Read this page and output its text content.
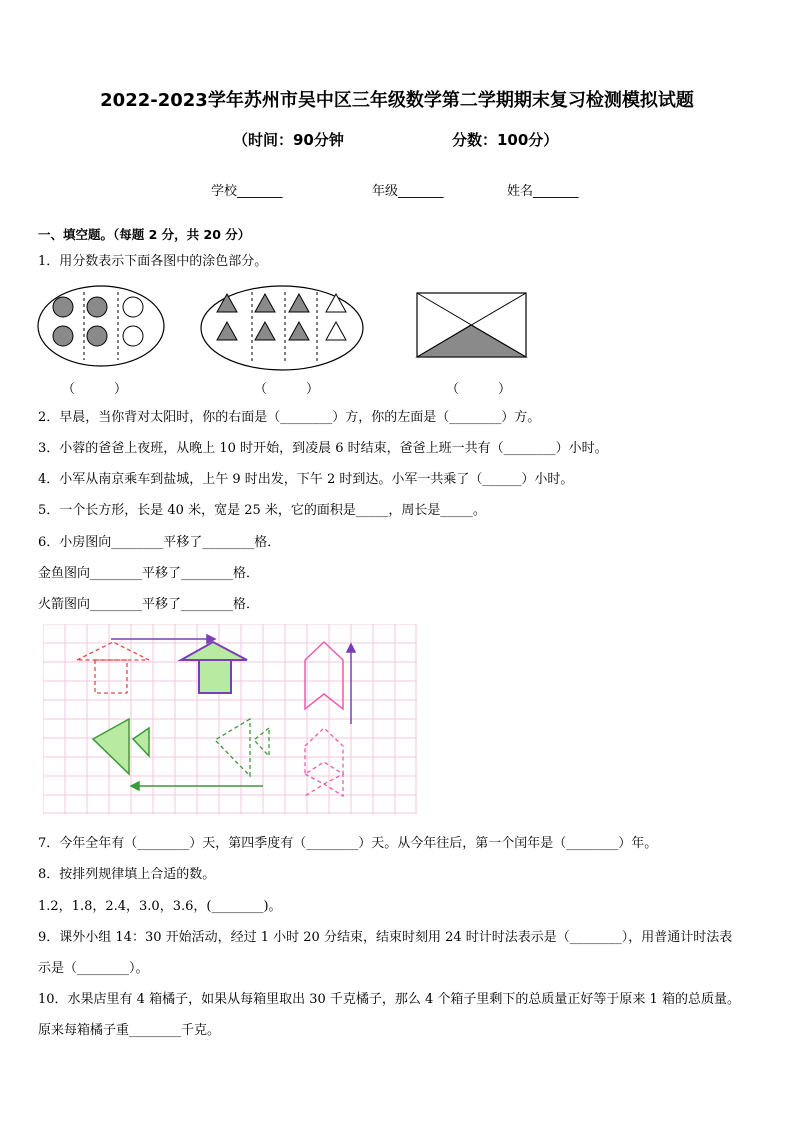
2022-2023学年苏州市吴中区三年级数学第二学期期末复习检测模拟试题
（时间：90分钟	分数：100分）
学校_______	年级_______	姓名_______
一、填空题。（每题 2 分，共 20 分）
1．用分数表示下面各图中的涂色部分。
（　　　）	（　　　）	（　　　）
2．早晨，当你背对太阳时，你的右面是（________）方，你的左面是（________）方。
3．小蓉的爸爸上夜班，从晚上 10 时开始，到凌晨 6 时结束，爸爸上班一共有（________）小时。
4．小军从南京乘车到盐城，上午 9 时出发，下午 2 时到达。小军一共乘了（______）小时。
5．一个长方形，长是 40 米，宽是 25 米，它的面积是_____，周长是_____。
6．小房图向________平移了________格．
金鱼图向________平移了________格．
火箭图向________平移了________格．
7．今年全年有（________）天，第四季度有（________）天。从今年往后，第一个闰年是（________）年。
8．按排列规律填上合适的数。
1.2，1.8，2.4，3.0，3.6，(________)。
9．课外小组 14：30 开始活动，经过 1 小时 20 分结束，结束时刻用 24 时计时法表示是（________），用普通计时法表
示是（________）。
10．水果店里有 4 箱橘子，如果从每箱里取出 30 千克橘子，那么 4 个箱子里剩下的总质量正好等于原来 1 箱的总质量。
原来每箱橘子重________千克。
